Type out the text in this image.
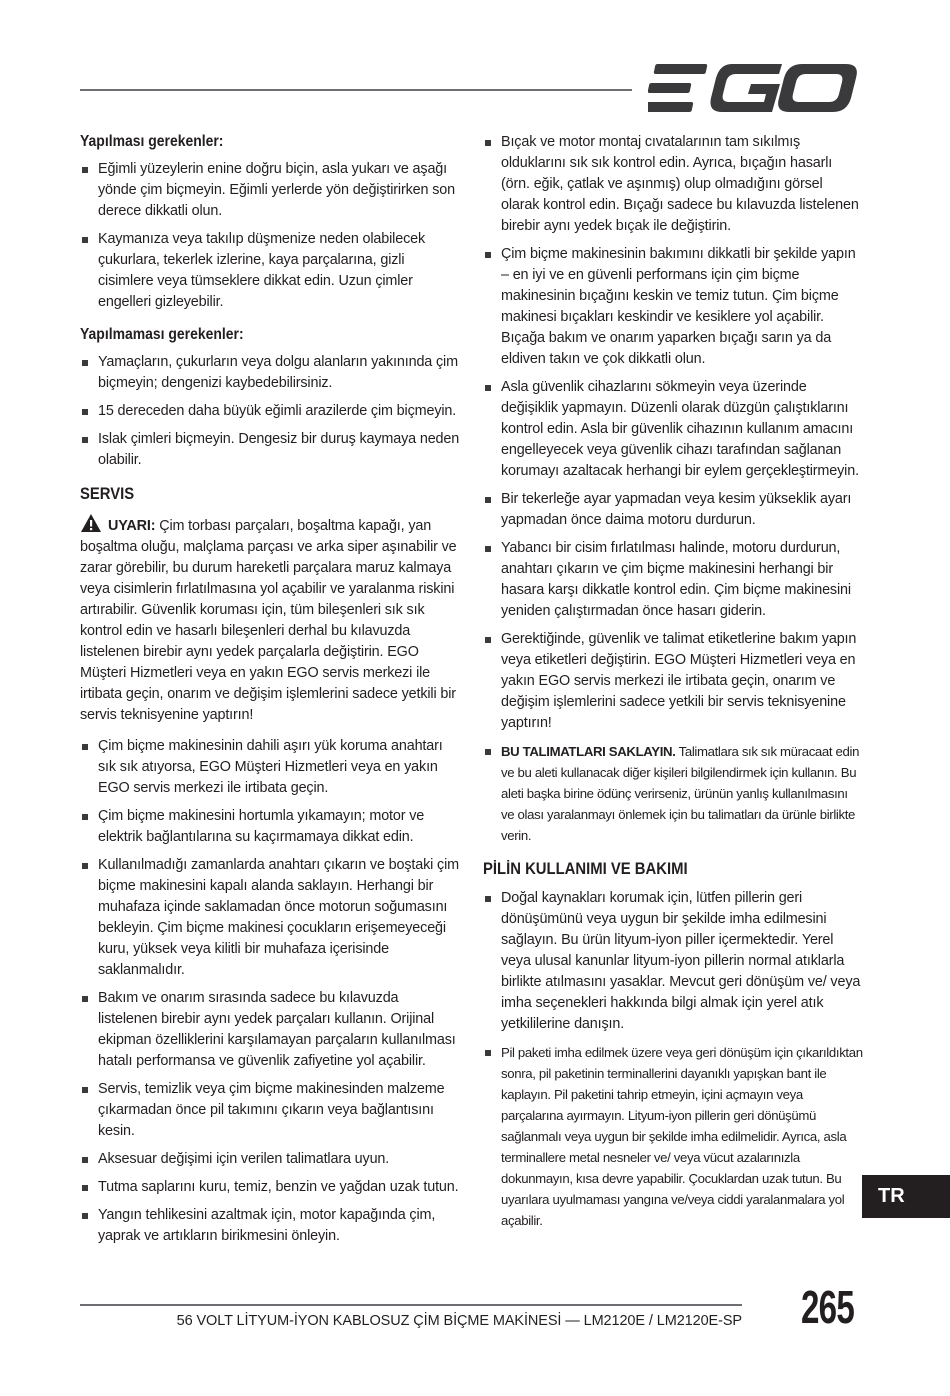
Yapılması gerekenler:
Eğimli yüzeylerin enine doğru biçin, asla yukarı ve aşağı yönde çim biçmeyin. Eğimli yerlerde yön değiştirirken son derece dikkatli olun.
Kaymanıza veya takılıp düşmenize neden olabilecek çukurlara, tekerlek izlerine, kaya parçalarına, gizli cisimlere veya tümseklere dikkat edin. Uzun çimler engelleri gizleyebilir.
Yapılmaması gerekenler:
Yamaçların, çukurların veya dolgu alanların yakınında çim biçmeyin; dengenizi kaybedebilirsiniz.
15 dereceden daha büyük eğimli arazilerde çim biçmeyin.
Islak çimleri biçmeyin. Dengesiz bir duruş kaymaya neden olabilir.
SERVIS

UYARI: Çim torbası parçaları, boşaltma kapağı, yan boşaltma oluğu, malçlama parçası ve arka siper aşınabilir ve zarar görebilir, bu durum hareketli parçalara maruz kalmaya veya cisimlerin fırlatılmasına yol açabilir ve yaralanma riskini artırabilir. Güvenlik koruması için, tüm bileşenleri sık sık kontrol edin ve hasarlı bileşenleri derhal bu kılavuzda listelenen birebir aynı yedek parçalarla değiştirin. EGO Müşteri Hizmetleri veya en yakın EGO servis merkezi ile irtibata geçin, onarım ve değişim işlemlerini sadece yetkili bir servis teknisyenine yaptırın!

Çim biçme makinesinin dahili aşırı yük koruma anahtarı sık sık atıyorsa, EGO Müşteri Hizmetleri veya en yakın EGO servis merkezi ile irtibata geçin.
Çim biçme makinesini hortumla yıkamayın; motor ve elektrik bağlantılarına su kaçırmamaya dikkat edin.
Kullanılmadığı zamanlarda anahtarı çıkarın ve boştaki çim biçme makinesini kapalı alanda saklayın. Herhangi bir muhafaza içinde saklamadan önce motorun soğumasını bekleyin. Çim biçme makinesi çocukların erişemeyeceği kuru, yüksek veya kilitli bir muhafaza içerisinde saklanmalıdır.
Bakım ve onarım sırasında sadece bu kılavuzda listelenen birebir aynı yedek parçaları kullanın. Orijinal ekipman özelliklerini karşılamayan parçaların kullanılması hatalı performansa ve güvenlik zafiyetine yol açabilir.
Servis, temizlik veya çim biçme makinesinden malzeme çıkarmadan önce pil takımını çıkarın veya bağlantısını kesin.
Aksesuar değişimi için verilen talimatlara uyun.
Tutma saplarını kuru, temiz, benzin ve yağdan uzak tutun.
Yangın tehlikesini azaltmak için, motor kapağında çim, yaprak ve artıkların birikmesini önleyin.
Bıçak ve motor montaj cıvatalarının tam sıkılmış olduklarını sık sık kontrol edin. Ayrıca, bıçağın hasarlı (örn. eğik, çatlak ve aşınmış) olup olmadığını görsel olarak kontrol edin. Bıçağı sadece bu kılavuzda listelenen birebir aynı yedek bıçak ile değiştirin.
Çim biçme makinesinin bakımını dikkatli bir şekilde yapın – en iyi ve en güvenli performans için çim biçme makinesinin bıçağını keskin ve temiz tutun. Çim biçme makinesi bıçakları keskindir ve kesiklere yol açabilir. Bıçağa bakım ve onarım yaparken bıçağı sarın ya da eldiven takın ve çok dikkatli olun.
Asla güvenlik cihazlarını sökmeyin veya üzerinde değişiklik yapmayın. Düzenli olarak düzgün çalıştıklarını kontrol edin. Asla bir güvenlik cihazının kullanım amacını engelleyecek veya güvenlik cihazı tarafından sağlanan korumayı azaltacak herhangi bir eylem gerçekleştirmeyin.
Bir tekerleğe ayar yapmadan veya kesim yükseklik ayarı yapmadan önce daima motoru durdurun.
Yabancı bir cisim fırlatılması halinde, motoru durdurun, anahtarı çıkarın ve çim biçme makinesini herhangi bir hasara karşı dikkatle kontrol edin. Çim biçme makinesini yeniden çalıştırmadan önce hasarı giderin.
Gerektiğinde, güvenlik ve talimat etiketlerine bakım yapın veya etiketleri değiştirin. EGO Müşteri Hizmetleri veya en yakın EGO servis merkezi ile irtibata geçin, onarım ve değişim işlemlerini sadece yetkili bir servis teknisyenine yaptırın!
BU TALIMATLARI SAKLAYIN. Talimatlara sık sık müracaat edin ve bu aleti kullanacak diğer kişileri bilgilendirmek için kullanın. Bu aleti başka birine ödünç verirseniz, ürünün yanlış kullanılmasını ve olası yaralanmayı önlemek için bu talimatları da ürünle birlikte verin.
PİLİN KULLANIMI VE BAKIMI
Doğal kaynakları korumak için, lütfen pillerin geri dönüşümünü veya uygun bir şekilde imha edilmesini sağlayın. Bu ürün lityum-iyon piller içermektedir. Yerel veya ulusal kanunlar lityum-iyon pillerin normal atıklarla birlikte atılmasını yasaklar. Mevcut geri dönüşüm ve/ veya imha seçenekleri hakkında bilgi almak için yerel atık yetkililerine danışın.
Pil paketi imha edilmek üzere veya geri dönüşüm için çıkarıldıktan sonra, pil paketinin terminallerini dayanıklı yapışkan bant ile kaplayın. Pil paketini tahrip etmeyin, içini açmayın veya parçalarına ayırmayın. Lityum-iyon pillerin geri dönüşümü sağlanmalı veya uygun bir şekilde imha edilmelidir. Ayrıca, asla terminallere metal nesneler ve/ veya vücut azalarınızla dokunmayın, kısa devre yapabilir. Çocuklardan uzak tutun. Bu uyarılara uyulmaması yangına ve/veya ciddi yaralanmalara yol açabilir.
TR
56 VOLT LİTYUM-İYON KABLOSUZ ÇİM BİÇME MAKİNESİ — LM2120E / LM2120E-SP 265
